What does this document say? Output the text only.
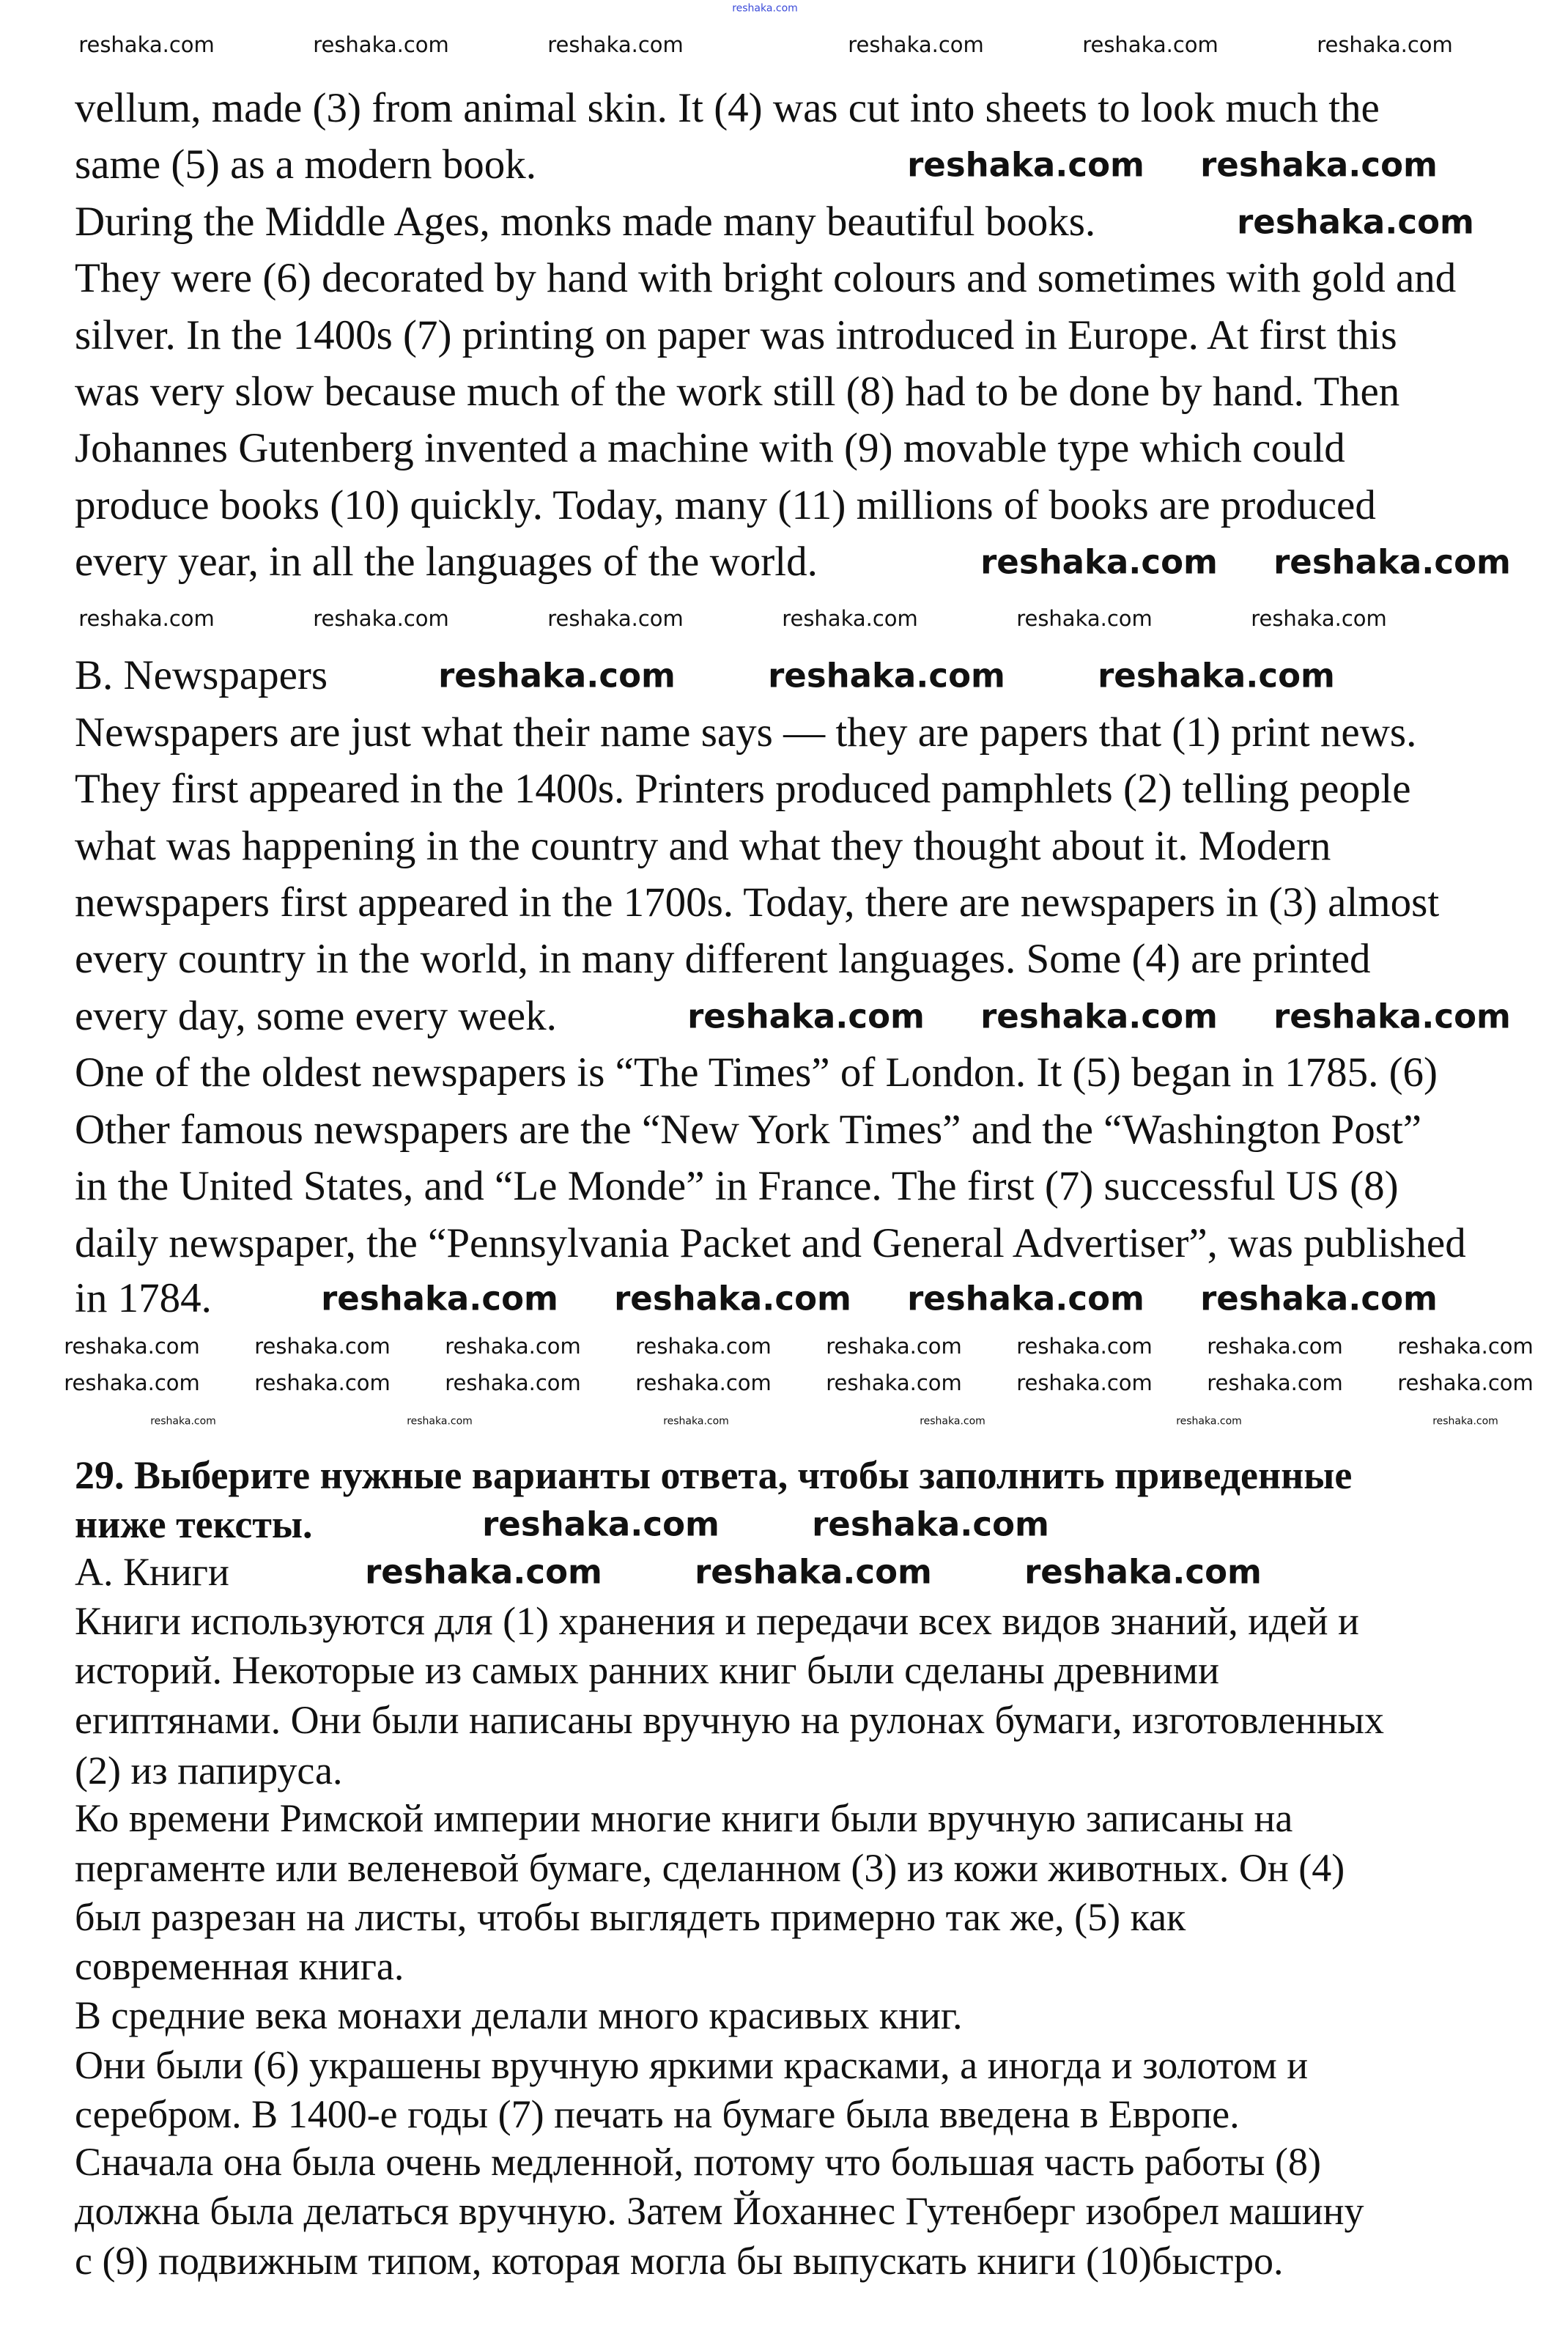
reshaka.com
vellum, made (3) from animal skin. It (4) was cut into sheets to look much the
same (5) as a modern book.
During the Middle Ages, monks made many beautiful books.
They were (6) decorated by hand with bright colours and sometimes with gold and
silver. In the 1400s (7) printing on paper was introduced in Europe. At first this
was very slow because much of the work still (8) had to be done by hand. Then
Johannes Gutenberg invented a machine with (9) movable type which could
produce books (10) quickly. Today, many (11) millions of books are produced
every year, in all the languages of the world.
B. Newspapers
Newspapers are just what their name says — they are papers that (1) print news.
They first appeared in the 1400s. Printers produced pamphlets (2) telling people
what was happening in the country and what they thought about it. Modern
newspapers first appeared in the 1700s. Today, there are newspapers in (3) almost
every country in the world, in many different languages. Some (4) are printed
every day, some every week.
One of the oldest newspapers is “The Times” of London. It (5) began in 1785. (6)
Other famous newspapers are the “New York Times” and the “Washington Post”
in the United States, and “Le Monde” in France. The first (7) successful US (8)
daily newspaper, the “Pennsylvania Packet and General Advertiser”, was published
in 1784.
29. Выберите нужные варианты ответа, чтобы заполнить приведенные
ниже тексты.
А. Книги
Книги используются для (1) хранения и передачи всех видов знаний, идей и
историй. Некоторые из самых ранних книг были сделаны древними
египтянами. Они были написаны вручную на рулонах бумаги, изготовленных
(2) из папируса.
Ко времени Римской империи многие книги были вручную записаны на
пергаменте или веленевой бумаге, сделанном (3) из кожи животных. Он (4)
был разрезан на листы, чтобы выглядеть примерно так же, (5) как
современная книга.
В средние века монахи делали много красивых книг.
Они были (6) украшены вручную яркими красками, а иногда и золотом и
серебром. В 1400-е годы (7) печать на бумаге была введена в Европе.
Сначала она была очень медленной, потому что большая часть работы (8)
должна была делаться вручную. Затем Йоханнес Гутенберг изобрел машину
с (9) подвижным типом, которая могла бы выпускать книги (10)быстро.
reshaka.com	reshaka.com	reshaka.com	reshaka.com	reshaka.com	reshaka.com
reshaka.com reshaka.com
reshaka.com
reshaka.com reshaka.com
reshaka.com	reshaka.com	reshaka.com	reshaka.com	reshaka.com	reshaka.com
reshaka.com	reshaka.com	reshaka.com
reshaka.com reshaka.com reshaka.com
reshaka.com reshaka.com reshaka.com reshaka.com
reshaka.com	reshaka.com	reshaka.com	reshaka.com	reshaka.com	reshaka.com	reshaka.com	reshaka.com
reshaka.com	reshaka.com	reshaka.com	reshaka.com	reshaka.com	reshaka.com	reshaka.com	reshaka.com
reshaka.com	reshaka.com	reshaka.com	reshaka.com	reshaka.com	reshaka.com
reshaka.com	reshaka.com
reshaka.com	reshaka.com	reshaka.com
